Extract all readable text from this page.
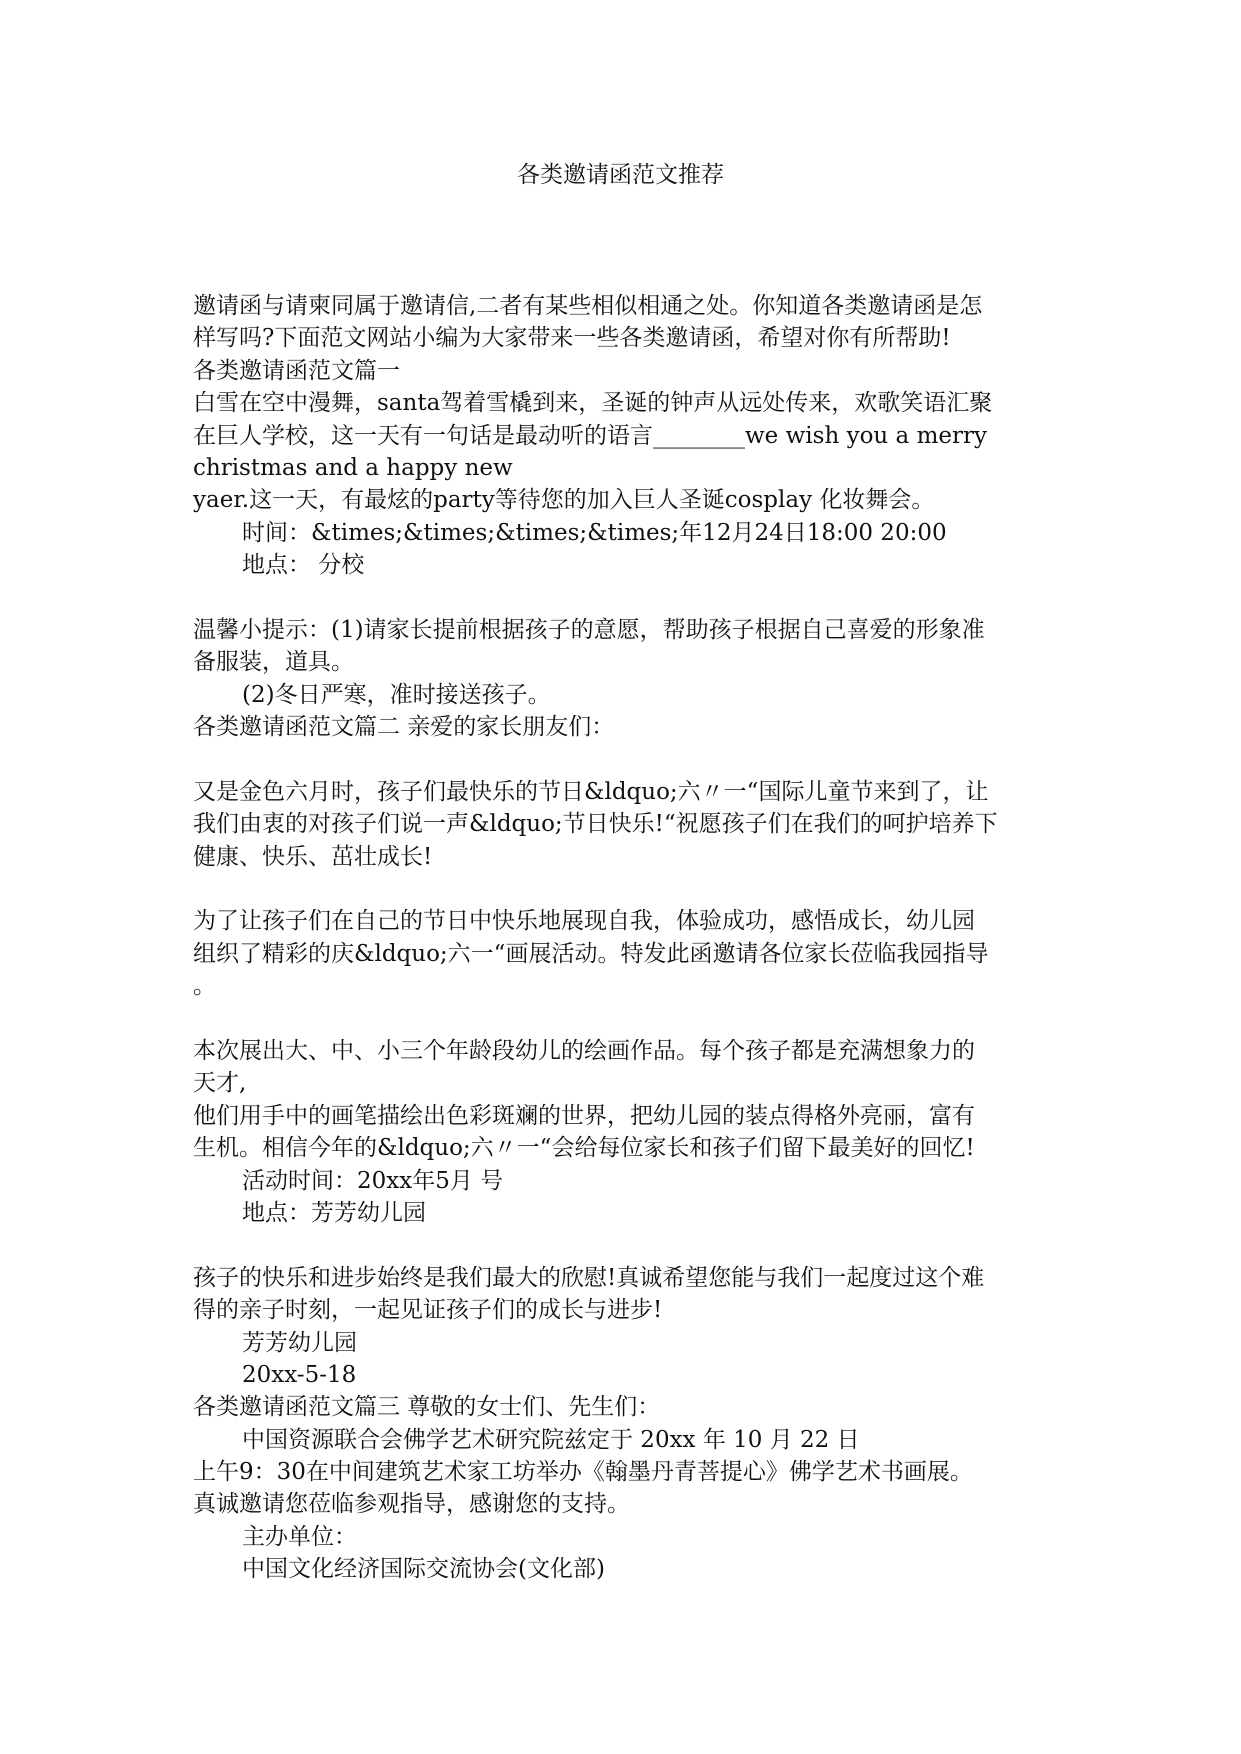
各类邀请函范文推荐
邀请函与请柬同属于邀请信,二者有某些相似相通之处。你知道各类邀请函是怎
样写吗?下面范文网站小编为大家带来一些各类邀请函，希望对你有所帮助!
各类邀请函范文篇一
白雪在空中漫舞，santa驾着雪橇到来，圣诞的钟声从远处传来，欢歌笑语汇聚
在巨人学校，这一天有一句话是最动听的语言________we wish you a merry
christmas and a happy new
yaer.这一天，有最炫的party等待您的加入巨人圣诞cosplay 化妆舞会。
时间：&times;&times;&times;&times;年12月24日18:00 20:00
地点： 分校
温馨小提示：(1)请家长提前根据孩子的意愿，帮助孩子根据自己喜爱的形象准
备服装，道具。
(2)冬日严寒，准时接送孩子。
各类邀请函范文篇二 亲爱的家长朋友们：
又是金色六月时，孩子们最快乐的节日&ldquo;六〃一“国际儿童节来到了，让
我们由衷的对孩子们说一声&ldquo;节日快乐!“祝愿孩子们在我们的呵护培养下
健康、快乐、茁壮成长!
为了让孩子们在自己的节日中快乐地展现自我，体验成功，感悟成长，幼儿园
组织了精彩的庆&ldquo;六一“画展活动。特发此函邀请各位家长莅临我园指导
。
本次展出大、中、小三个年龄段幼儿的绘画作品。每个孩子都是充满想象力的
天才,
他们用手中的画笔描绘出色彩斑斓的世界，把幼儿园的装点得格外亮丽，富有
生机。相信今年的&ldquo;六〃一“会给每位家长和孩子们留下最美好的回忆!
活动时间：20xx年5月 号
地点：芳芳幼儿园
孩子的快乐和进步始终是我们最大的欣慰!真诚希望您能与我们一起度过这个难
得的亲子时刻，一起见证孩子们的成长与进步!
芳芳幼儿园
20xx-5-18
各类邀请函范文篇三 尊敬的女士们、先生们：
中国资源联合会佛学艺术研究院兹定于 20xx 年 10 月 22 日
上午9：30在中间建筑艺术家工坊举办《翰墨丹青菩提心》佛学艺术书画展。
真诚邀请您莅临参观指导，感谢您的支持。
主办单位：
中国文化经济国际交流协会(文化部)
